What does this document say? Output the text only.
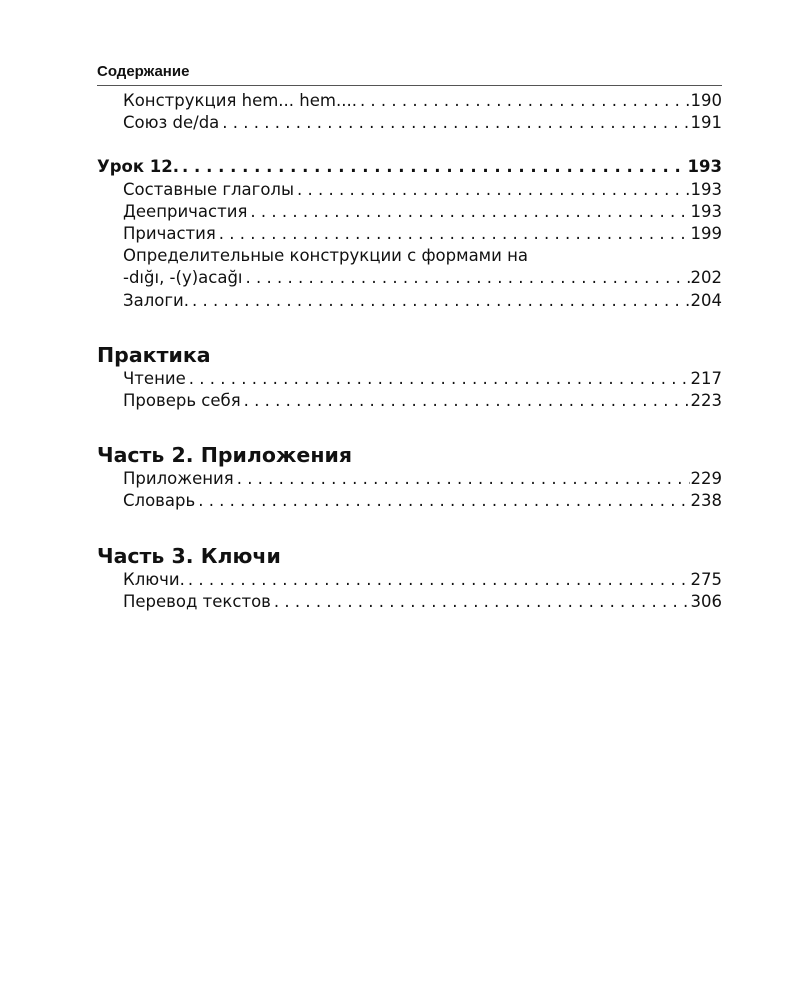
Содержание
Конструкция hem... hem.... . . .	190
Союз de/da . . .	191
Урок 12. . . .	193
Составные глаголы . . .	193
Деепричастия . . .	193
Причастия . . .	199
Определительные конструкции с формами на
-dığı, -(y)acağı . . .	202
Залоги. . . .	204
Практика
Чтение . . .	217
Проверь себя . . .	223
Часть 2. Приложения
Приложения . . .	229
Словарь . . .	238
Часть 3. Ключи
Ключи. . . .	275
Перевод текстов . . .	306
